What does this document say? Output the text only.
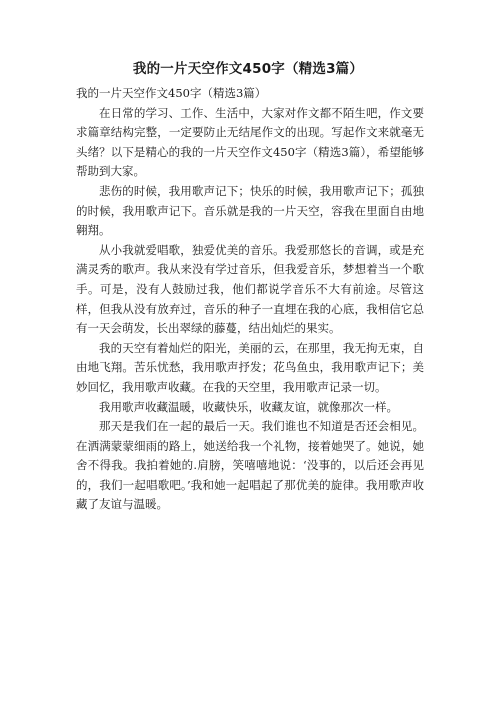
我的一片天空作文450字（精选3篇）

我的一片天空作文450字（精选3篇）

在日常的学习、工作、生活中，大家对作文都不陌生吧，作文要求篇章结构完整，一定要防止无结尾作文的出现。写起作文来就毫无头绪？以下是精心的我的一片天空作文450字（精选3篇），希望能够帮助到大家。

悲伤的时候，我用歌声记下；快乐的时候，我用歌声记下；孤独的时候，我用歌声记下。音乐就是我的一片天空，容我在里面自由地翱翔。

从小我就爱唱歌，独爱优美的音乐。我爱那悠长的音调，或是充满灵秀的歌声。我从来没有学过音乐，但我爱音乐，梦想着当一个歌手。可是，没有人鼓励过我，他们都说学音乐不大有前途。尽管这样，但我从没有放弃过，音乐的种子一直埋在我的心底，我相信它总有一天会萌发，长出翠绿的藤蔓，结出灿烂的果实。

我的天空有着灿烂的阳光，美丽的云，在那里，我无拘无束，自由地飞翔。苦乐忧愁，我用歌声抒发；花鸟鱼虫，我用歌声记下；美妙回忆，我用歌声收藏。在我的天空里，我用歌声记录一切。

我用歌声收藏温暖，收藏快乐，收藏友谊，就像那次一样。

那天是我们在一起的最后一天。我们谁也不知道是否还会相见。在洒满蒙蒙细雨的路上，她送给我一个礼物，接着她哭了。她说，她舍不得我。我拍着她的.肩膀，笑嘻嘻地说：‘没事的，以后还会再见的，我们一起唱歌吧。’我和她一起唱起了那优美的旋律。我用歌声收藏了友谊与温暖。
